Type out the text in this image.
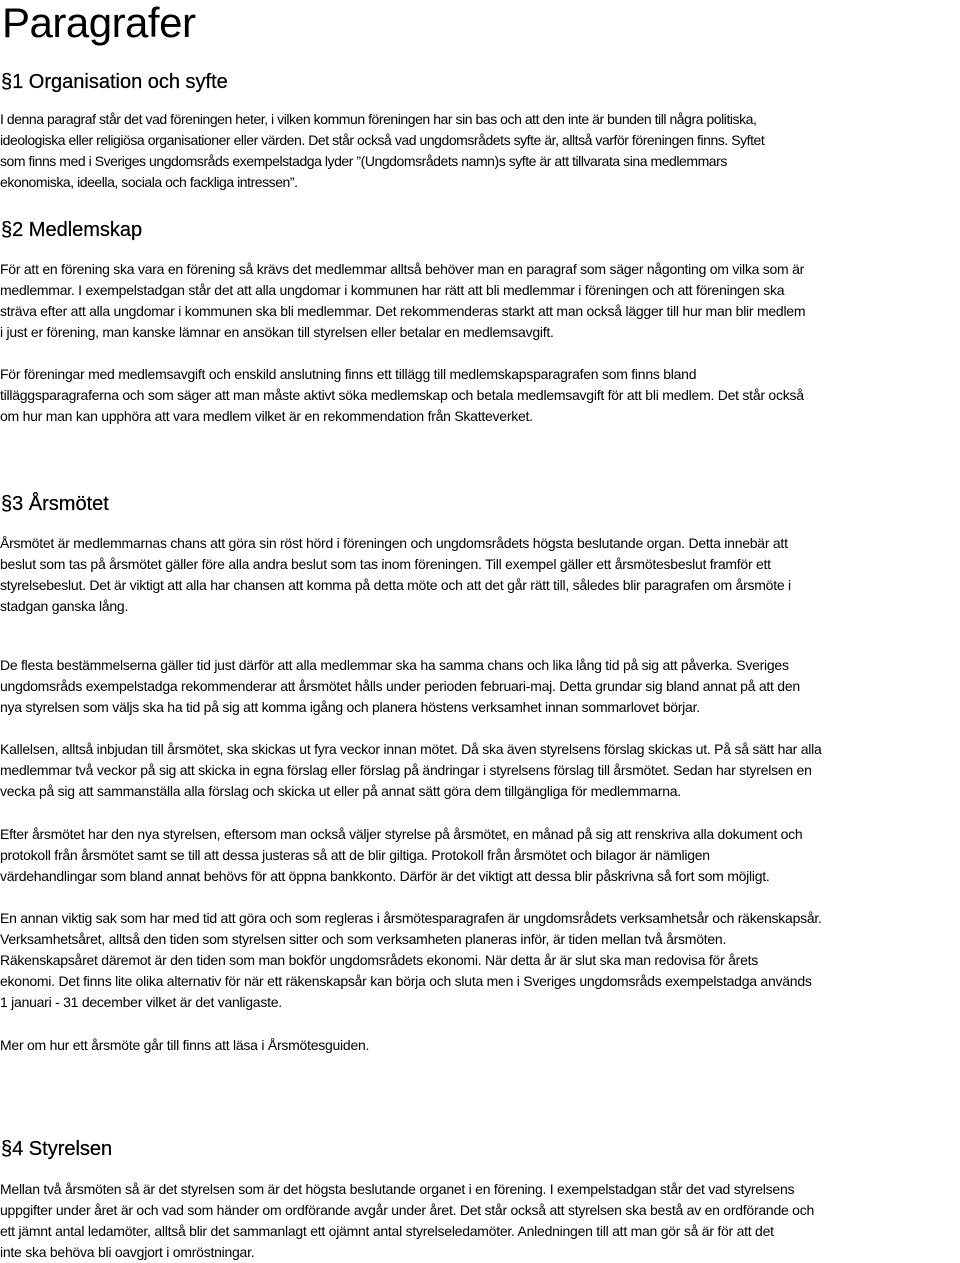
Paragrafer
§1 Organisation och syfte

I denna paragraf står det vad föreningen heter, i vilken kommun föreningen har sin bas och att den inte är bunden till några politiska,
ideologiska eller religiösa organisationer eller värden. Det står också vad ungdomsrådets syfte är, alltså varför föreningen finns. Syftet
som finns med i Sveriges ungdomsråds exempelstadga lyder ”(Ungdomsrådets namn)s syfte är att tillvarata sina medlemmars
ekonomiska, ideella, sociala och fackliga intressen”.

§2 Medlemskap

För att en förening ska vara en förening så krävs det medlemmar alltså behöver man en paragraf som säger någonting om vilka som är
medlemmar. I exempelstadgan står det att alla ungdomar i kommunen har rätt att bli medlemmar i föreningen och att föreningen ska
sträva efter att alla ungdomar i kommunen ska bli medlemmar. Det rekommenderas starkt att man också lägger till hur man blir medlem
i just er förening, man kanske lämnar en ansökan till styrelsen eller betalar en medlemsavgift.

För föreningar med medlemsavgift och enskild anslutning finns ett tillägg till medlemskapsparagrafen som finns bland
tilläggsparagraferna och som säger att man måste aktivt söka medlemskap och betala medlemsavgift för att bli medlem. Det står också
om hur man kan upphöra att vara medlem vilket är en rekommendation från Skatteverket.

§3 Årsmötet

Årsmötet är medlemmarnas chans att göra sin röst hörd i föreningen och ungdomsrådets högsta beslutande organ. Detta innebär att
beslut som tas på årsmötet gäller före alla andra beslut som tas inom föreningen. Till exempel gäller ett årsmötesbeslut framför ett
styrelsebeslut. Det är viktigt att alla har chansen att komma på detta möte och att det går rätt till, således blir paragrafen om årsmöte i
stadgan ganska lång.

De flesta bestämmelserna gäller tid just därför att alla medlemmar ska ha samma chans och lika lång tid på sig att påverka. Sveriges
ungdomsråds exempelstadga rekommenderar att årsmötet hålls under perioden februari-maj. Detta grundar sig bland annat på att den
nya styrelsen som väljs ska ha tid på sig att komma igång och planera höstens verksamhet innan sommarlovet börjar.

Kallelsen, alltså inbjudan till årsmötet, ska skickas ut fyra veckor innan mötet. Då ska även styrelsens förslag skickas ut. På så sätt har alla
medlemmar två veckor på sig att skicka in egna förslag eller förslag på ändringar i styrelsens förslag till årsmötet. Sedan har styrelsen en
vecka på sig att sammanställa alla förslag och skicka ut eller på annat sätt göra dem tillgängliga för medlemmarna.

Efter årsmötet har den nya styrelsen, eftersom man också väljer styrelse på årsmötet, en månad på sig att renskriva alla dokument och
protokoll från årsmötet samt se till att dessa justeras så att de blir giltiga. Protokoll från årsmötet och bilagor är nämligen
värdehandlingar som bland annat behövs för att öppna bankkonto. Därför är det viktigt att dessa blir påskrivna så fort som möjligt.

En annan viktig sak som har med tid att göra och som regleras i årsmötesparagrafen är ungdomsrådets verksamhetsår och räkenskapsår.
Verksamhetsåret, alltså den tiden som styrelsen sitter och som verksamheten planeras inför, är tiden mellan två årsmöten.
Räkenskapsåret däremot är den tiden som man bokför ungdomsrådets ekonomi. När detta år är slut ska man redovisa för årets
ekonomi. Det finns lite olika alternativ för när ett räkenskapsår kan börja och sluta men i Sveriges ungdomsråds exempelstadga används
1 januari - 31 december vilket är det vanligaste.

Mer om hur ett årsmöte går till finns att läsa i Årsmötesguiden.

§4 Styrelsen

Mellan två årsmöten så är det styrelsen som är det högsta beslutande organet i en förening. I exempelstadgan står det vad styrelsens
uppgifter under året är och vad som händer om ordförande avgår under året. Det står också att styrelsen ska bestå av en ordförande och
ett jämnt antal ledamöter, alltså blir det sammanlagt ett ojämnt antal styrelseledamöter. Anledningen till att man gör så är för att det
inte ska behöva bli oavgjort i omröstningar.
